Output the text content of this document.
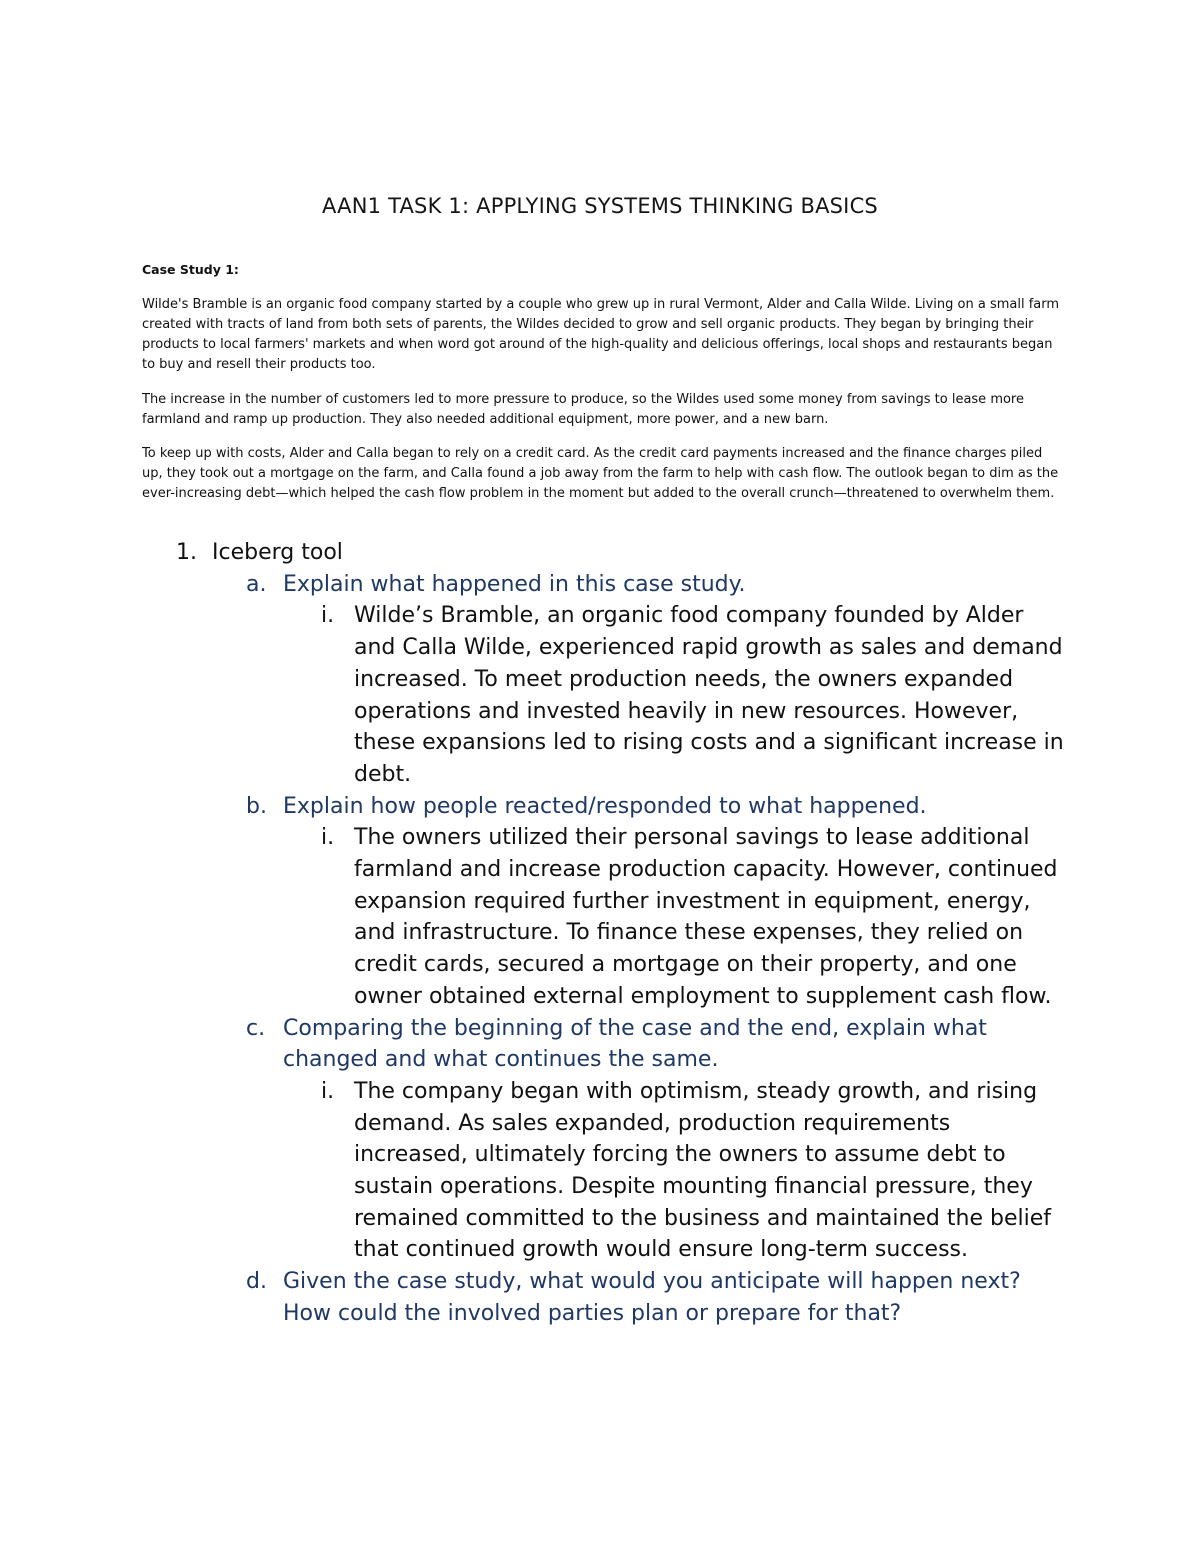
AAN1 TASK 1: APPLYING SYSTEMS THINKING BASICS
Case Study 1:
Wilde's Bramble is an organic food company started by a couple who grew up in rural Vermont, Alder and Calla Wilde. Living on a small farm created with tracts of land from both sets of parents, the Wildes decided to grow and sell organic products. They began by bringing their products to local farmers' markets and when word got around of the high-quality and delicious offerings, local shops and restaurants began to buy and resell their products too.
The increase in the number of customers led to more pressure to produce, so the Wildes used some money from savings to lease more farmland and ramp up production. They also needed additional equipment, more power, and a new barn.
To keep up with costs, Alder and Calla began to rely on a credit card. As the credit card payments increased and the finance charges piled up, they took out a mortgage on the farm, and Calla found a job away from the farm to help with cash flow. The outlook began to dim as the ever-increasing debt—which helped the cash flow problem in the moment but added to the overall crunch—threatened to overwhelm them.
1. Iceberg tool
a. Explain what happened in this case study.
i. Wilde’s Bramble, an organic food company founded by Alder and Calla Wilde, experienced rapid growth as sales and demand increased. To meet production needs, the owners expanded operations and invested heavily in new resources. However, these expansions led to rising costs and a significant increase in debt.
b. Explain how people reacted/responded to what happened.
i. The owners utilized their personal savings to lease additional farmland and increase production capacity. However, continued expansion required further investment in equipment, energy, and infrastructure. To finance these expenses, they relied on credit cards, secured a mortgage on their property, and one owner obtained external employment to supplement cash flow.
c. Comparing the beginning of the case and the end, explain what changed and what continues the same.
i. The company began with optimism, steady growth, and rising demand. As sales expanded, production requirements increased, ultimately forcing the owners to assume debt to sustain operations. Despite mounting financial pressure, they remained committed to the business and maintained the belief that continued growth would ensure long-term success.
d. Given the case study, what would you anticipate will happen next? How could the involved parties plan or prepare for that?
